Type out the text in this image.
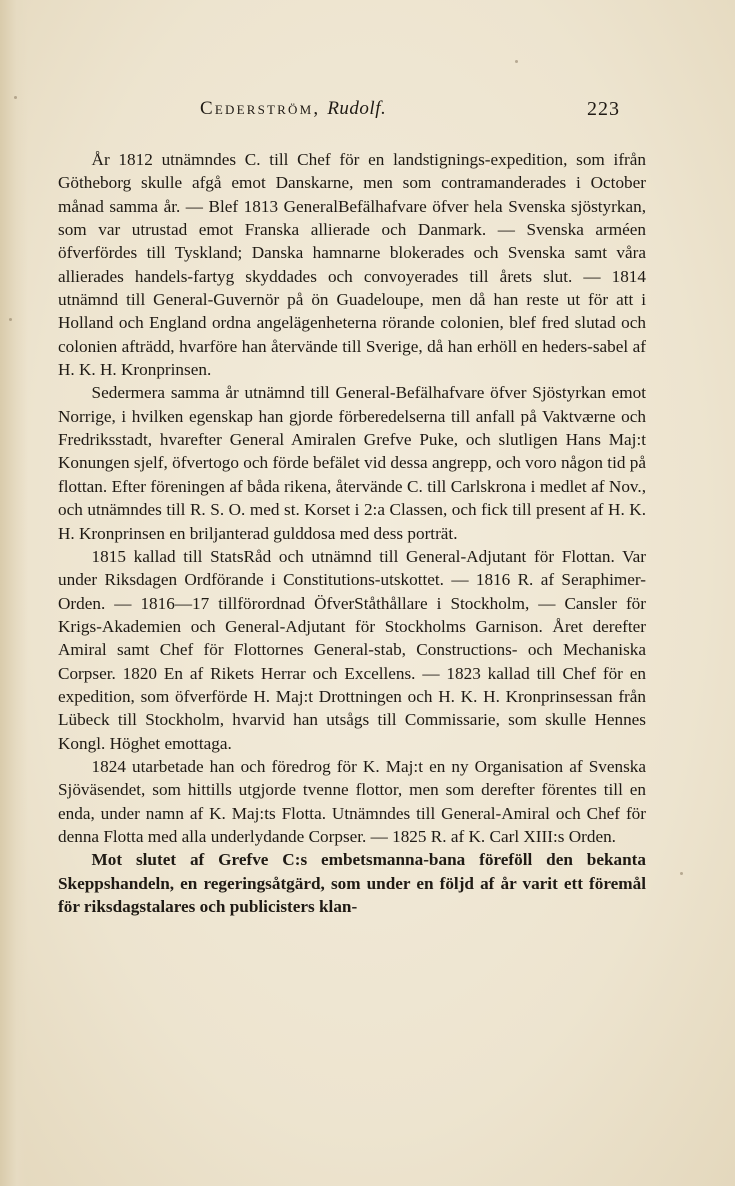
Cederström, Rudolf.	223

År 1812 utnämndes C. till Chef för en landstignings-expedition, som ifrån Götheborg skulle afgå emot Danskarne, men som contramanderades i October månad samma år. — Blef 1813 GeneralBefälhafvare öfver hela Svenska sjöstyrkan, som var utrustad emot Franska allierade och Danmark. — Svenska arméen öfverfördes till Tyskland; Danska hamnarne blokerades och Svenska samt våra allierades handels-fartyg skyddades och convoyerades till årets slut. — 1814 utnämnd till General-Guvernör på ön Guadeloupe, men då han reste ut för att i Holland och England ordna angelägenheterna rörande colonien, blef fred slutad och colonien afträdd, hvarföre han återvände till Sverige, då han erhöll en heders-sabel af H. K. H. Kronprinsen.

Sedermera samma år utnämnd till General-Befälhafvare öfver Sjöstyrkan emot Norrige, i hvilken egenskap han gjorde förberedelserna till anfall på Vaktværne och Fredriksstadt, hvarefter General Amiralen Grefve Puke, och slutligen Hans Maj:t Konungen sjelf, öfvertogo och förde befälet vid dessa angrepp, och voro någon tid på flottan. Efter föreningen af båda rikena, återvände C. till Carlskrona i medlet af Nov., och utnämndes till R. S. O. med st. Korset i 2:a Classen, och fick till present af H. K. H. Kronprinsen en briljanterad gulddosa med dess porträt.

1815 kallad till StatsRåd och utnämnd till General-Adjutant för Flottan. Var under Riksdagen Ordförande i Constitutions-utskottet. — 1816 R. af Seraphimer-Orden. — 1816—17 tillförordnad ÖfverStåthållare i Stockholm, — Cansler för Krigs-Akademien och General-Adjutant för Stockholms Garnison. Året derefter Amiral samt Chef för Flottornes General-stab, Constructions- och Mechaniska Corpser. 1820 En af Rikets Herrar och Excellens. — 1823 kallad till Chef för en expedition, som öfverförde H. Maj:t Drottningen och H. K. H. Kronprinsessan från Lübeck till Stockholm, hvarvid han utsågs till Commissarie, som skulle Hennes Kongl. Höghet emottaga.

1824 utarbetade han och föredrog för K. Maj:t en ny Organisation af Svenska Sjöväsendet, som hittills utgjorde tvenne flottor, men som derefter förentes till en enda, under namn af K. Maj:ts Flotta. Utnämndes till General-Amiral och Chef för denna Flotta med alla underlydande Corpser. — 1825 R. af K. Carl XIII:s Orden.

Mot slutet af Grefve C:s embetsmanna-bana föreföll den bekanta Skeppshandeln, en regeringsåtgärd, som under en följd af år varit ett föremål för riksdagstalares och publicisters klan-
